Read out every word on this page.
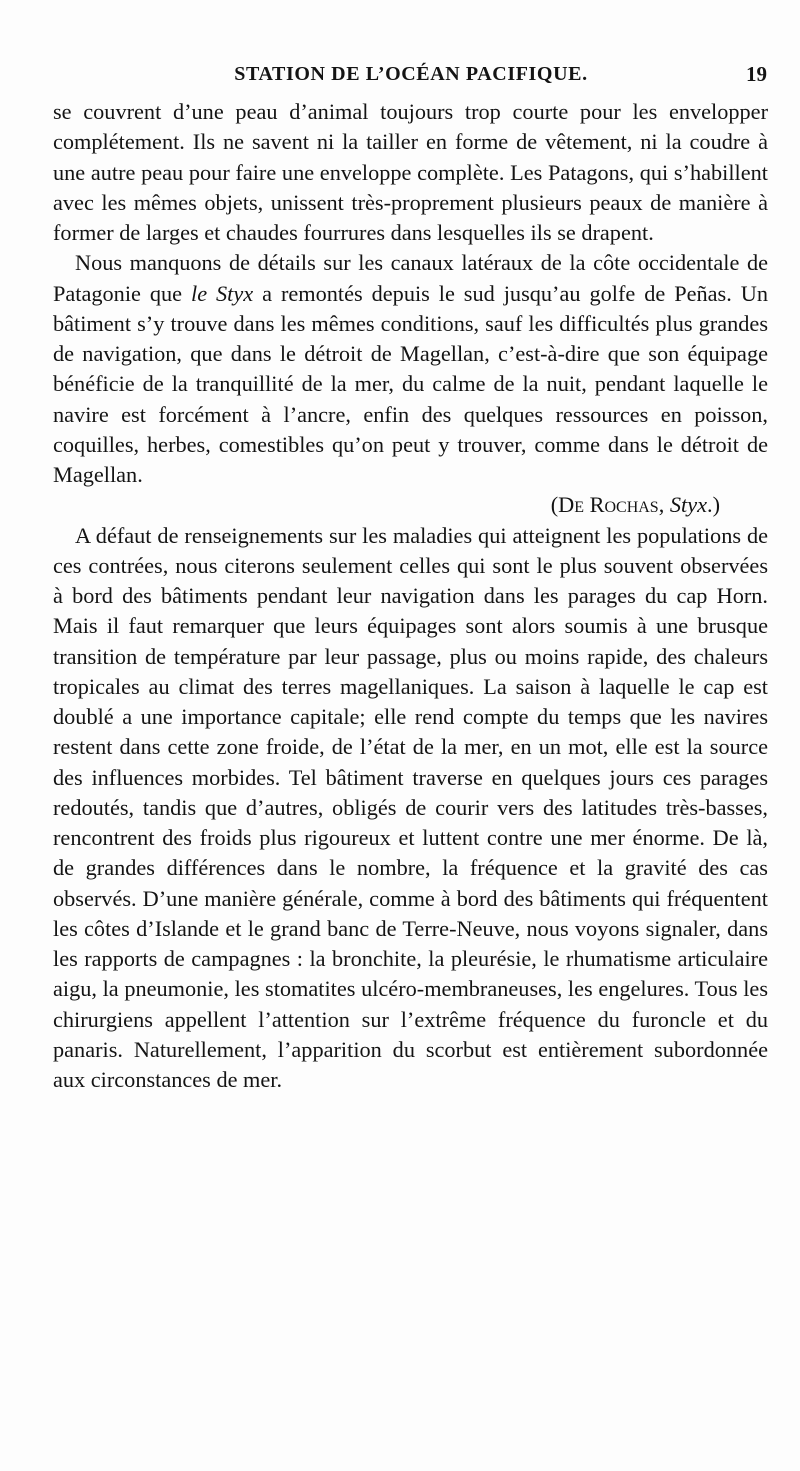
STATION DE L’OCÉAN PACIFIQUE.	19

se couvrent d’une peau d’animal toujours trop courte pour les envelopper complétement. Ils ne savent ni la tailler en forme de vêtement, ni la coudre à une autre peau pour faire une enveloppe complète. Les Patagons, qui s’habillent avec les mêmes objets, unissent très-proprement plusieurs peaux de manière à former de larges et chaudes fourrures dans lesquelles ils se drapent.

Nous manquons de détails sur les canaux latéraux de la côte occidentale de Patagonie que le Styx a remontés depuis le sud jusqu’au golfe de Peñas. Un bâtiment s’y trouve dans les mêmes conditions, sauf les difficultés plus grandes de navigation, que dans le détroit de Magellan, c’est-à-dire que son équipage bénéficie de la tranquillité de la mer, du calme de la nuit, pendant laquelle le navire est forcément à l’ancre, enfin des quelques ressources en poisson, coquilles, herbes, comestibles qu’on peut y trouver, comme dans le détroit de Magellan.

(De Rochas, Styx.)

A défaut de renseignements sur les maladies qui atteignent les populations de ces contrées, nous citerons seulement celles qui sont le plus souvent observées à bord des bâtiments pendant leur navigation dans les parages du cap Horn. Mais il faut remarquer que leurs équipages sont alors soumis à une brusque transition de température par leur passage, plus ou moins rapide, des chaleurs tropicales au climat des terres magellaniques. La saison à laquelle le cap est doublé a une importance capitale; elle rend compte du temps que les navires restent dans cette zone froide, de l’état de la mer, en un mot, elle est la source des influences morbides. Tel bâtiment traverse en quelques jours ces parages redoutés, tandis que d’autres, obligés de courir vers des latitudes très-basses, rencontrent des froids plus rigoureux et luttent contre une mer énorme. De là, de grandes différences dans le nombre, la fréquence et la gravité des cas observés. D’une manière générale, comme à bord des bâtiments qui fréquentent les côtes d’Islande et le grand banc de Terre-Neuve, nous voyons signaler, dans les rapports de campagnes : la bronchite, la pleurésie, le rhumatisme articulaire aigu, la pneumonie, les stomatites ulcéro-membraneuses, les engelures. Tous les chirurgiens appellent l’attention sur l’extrême fréquence du furoncle et du panaris. Naturellement, l’apparition du scorbut est entièrement subordonnée aux circonstances de mer.
